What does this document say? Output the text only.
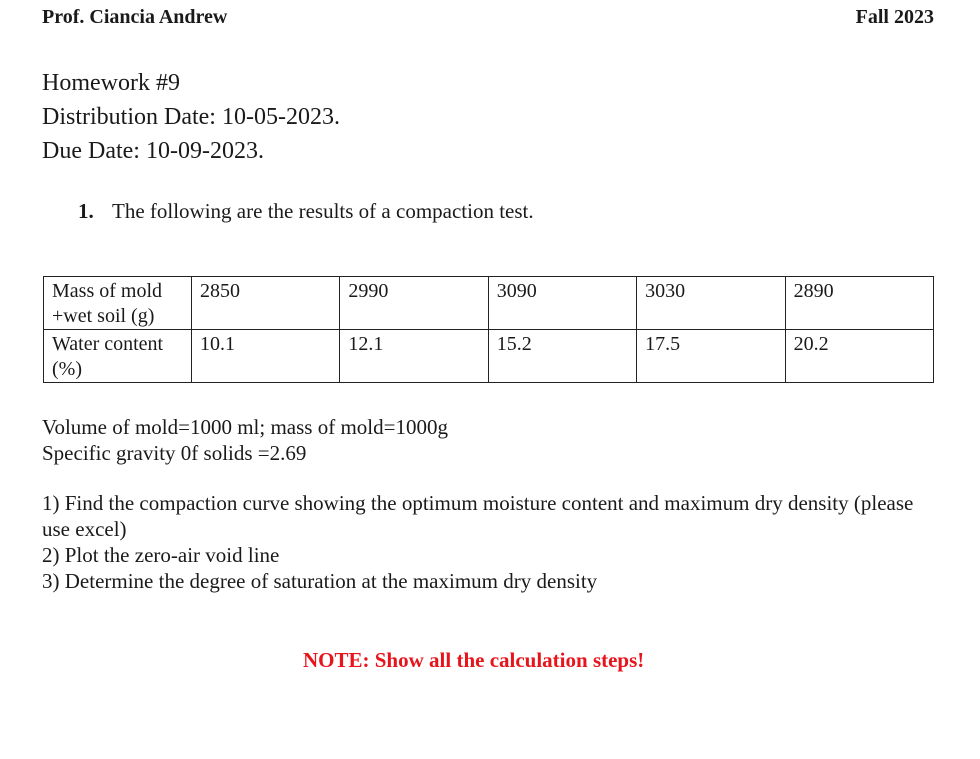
Prof. Ciancia Andrew	Fall 2023
Homework #9
Distribution Date: 10-05-2023.
Due Date: 10-09-2023.
1. The following are the results of a compaction test.
Mass of mold +wet soil (g)	2850	2990	3090	3030	2890
Water content (%)	10.1	12.1	15.2	17.5	20.2
Volume of mold=1000 ml; mass of mold=1000g
Specific gravity 0f solids =2.69
1) Find the compaction curve showing the optimum moisture content and maximum dry density (please use excel)
2) Plot the zero-air void line
3) Determine the degree of saturation at the maximum dry density
NOTE: Show all the calculation steps!
